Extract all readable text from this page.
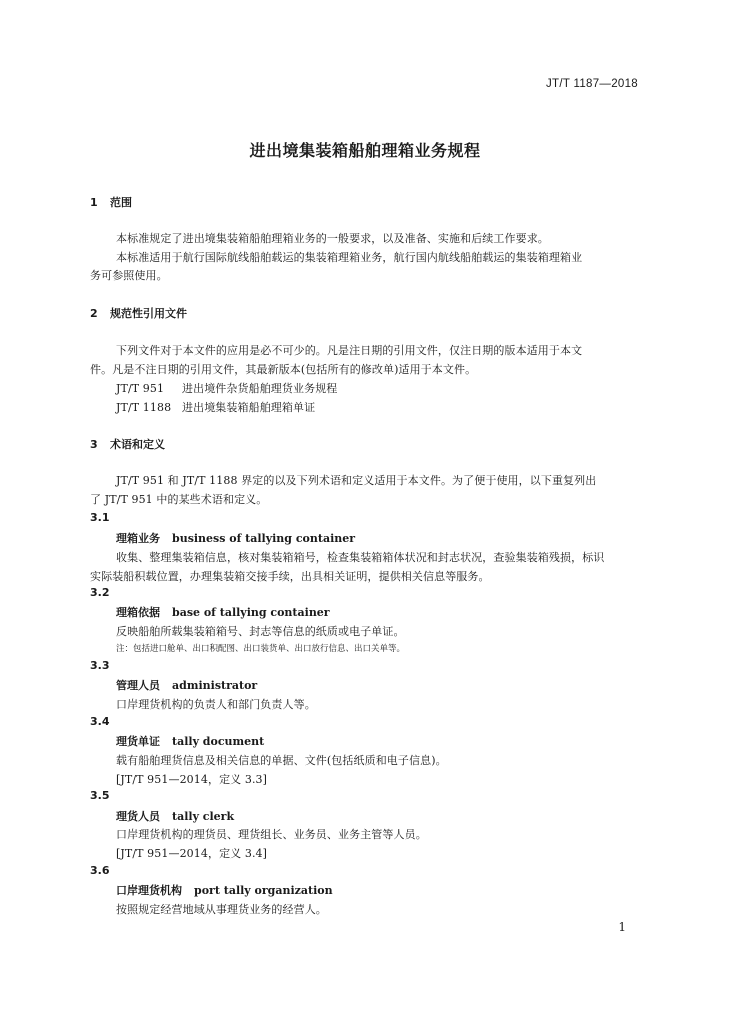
JT/T 1187—2018
进出境集装箱船舶理箱业务规程
1 范围
本标准规定了进出境集装箱船舶理箱业务的一般要求，以及准备、实施和后续工作要求。
本标准适用于航行国际航线船舶载运的集装箱理箱业务，航行国内航线船舶载运的集装箱理箱业
务可参照使用。
2 规范性引用文件
下列文件对于本文件的应用是必不可少的。凡是注日期的引用文件，仅注日期的版本适用于本文
件。凡是不注日期的引用文件，其最新版本(包括所有的修改单)适用于本文件。
JT/T 951 进出境件杂货船舶理货业务规程
JT/T 1188 进出境集装箱船舶理箱单证
3 术语和定义
JT/T 951 和 JT/T 1188 界定的以及下列术语和定义适用于本文件。为了便于使用，以下重复列出
了 JT/T 951 中的某些术语和定义。
3.1
理箱业务 business of tallying container
收集、整理集装箱信息，核对集装箱箱号，检查集装箱箱体状况和封志状况，查验集装箱残损，标识
实际装船积载位置，办理集装箱交接手续，出具相关证明，提供相关信息等服务。
3.2
理箱依据 base of tallying container
反映船舶所载集装箱箱号、封志等信息的纸质或电子单证。
注：包括进口舱单、出口积配图、出口装货单、出口放行信息、出口关单等。
3.3
管理人员 administrator
口岸理货机构的负责人和部门负责人等。
3.4
理货单证 tally document
载有船舶理货信息及相关信息的单据、文件(包括纸质和电子信息)。
[JT/T 951—2014，定义 3.3]
3.5
理货人员 tally clerk
口岸理货机构的理货员、理货组长、业务员、业务主管等人员。
[JT/T 951—2014，定义 3.4]
3.6
口岸理货机构 port tally organization
按照规定经营地域从事理货业务的经营人。
1
